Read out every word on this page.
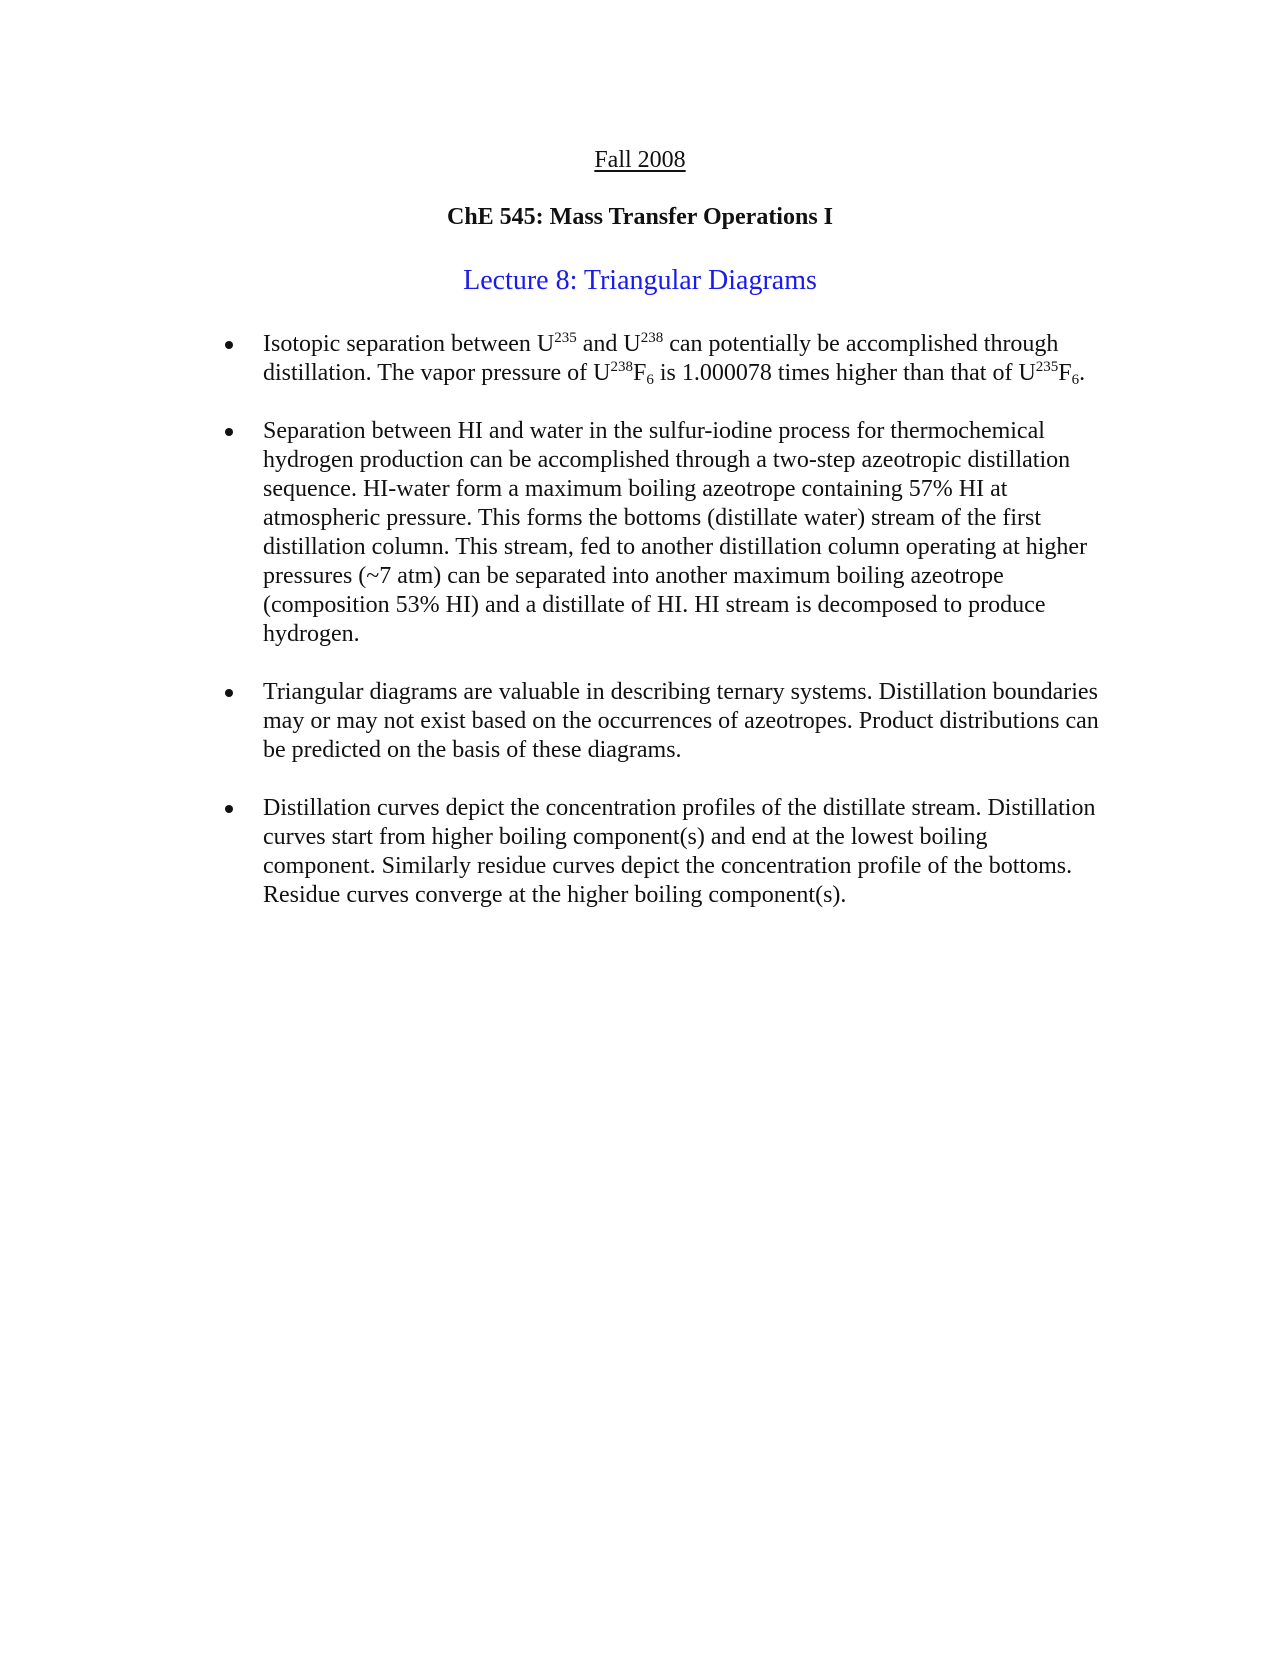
Fall 2008
ChE 545: Mass Transfer Operations I
Lecture 8: Triangular Diagrams
Isotopic separation between $U^{235}$ and $U^{238}$ can potentially be accomplished through distillation. The vapor pressure of $U^{238}F_6$ is 1.000078 times higher than that of $U^{235}F_6$.
Separation between HI and water in the sulfur-iodine process for thermochemical hydrogen production can be accomplished through a two-step azeotropic distillation sequence. HI-water form a maximum boiling azeotrope containing 57% HI at atmospheric pressure. This forms the bottoms (distillate water) stream of the first distillation column. This stream, fed to another distillation column operating at higher pressures (~7 atm) can be separated into another maximum boiling azeotrope (composition 53% HI) and a distillate of HI. HI stream is decomposed to produce hydrogen.
Triangular diagrams are valuable in describing ternary systems. Distillation boundaries may or may not exist based on the occurrences of azeotropes. Product distributions can be predicted on the basis of these diagrams.
Distillation curves depict the concentration profiles of the distillate stream. Distillation curves start from higher boiling component(s) and end at the lowest boiling component. Similarly residue curves depict the concentration profile of the bottoms. Residue curves converge at the higher boiling component(s).
